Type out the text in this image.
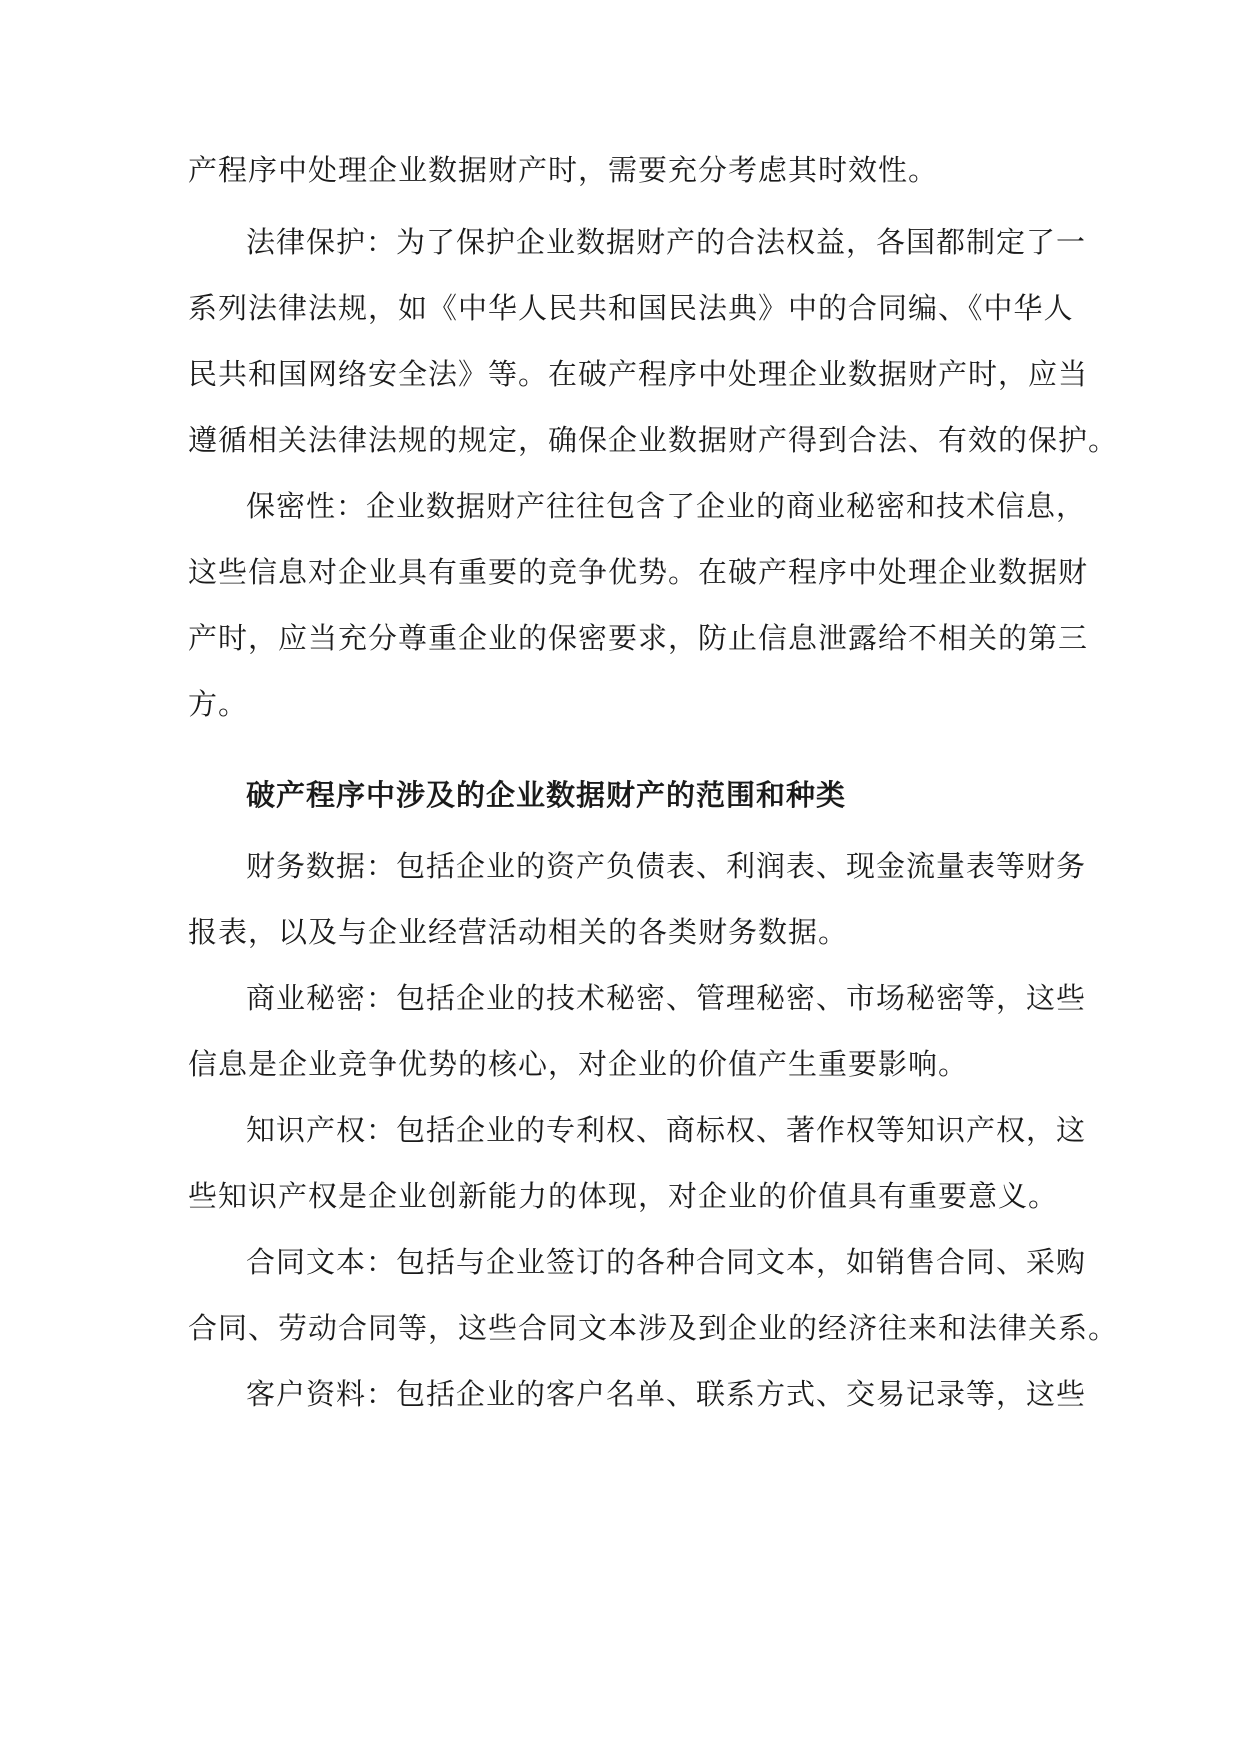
产程序中处理企业数据财产时，需要充分考虑其时效性。
法律保护：为了保护企业数据财产的合法权益，各国都制定了一
系列法律法规，如《中华人民共和国民法典》中的合同编、《中华人
民共和国网络安全法》等。在破产程序中处理企业数据财产时，应当
遵循相关法律法规的规定，确保企业数据财产得到合法、有效的保护。
保密性：企业数据财产往往包含了企业的商业秘密和技术信息，
这些信息对企业具有重要的竞争优势。在破产程序中处理企业数据财
产时，应当充分尊重企业的保密要求，防止信息泄露给不相关的第三
方。
破产程序中涉及的企业数据财产的范围和种类
财务数据：包括企业的资产负债表、利润表、现金流量表等财务
报表，以及与企业经营活动相关的各类财务数据。
商业秘密：包括企业的技术秘密、管理秘密、市场秘密等，这些
信息是企业竞争优势的核心，对企业的价值产生重要影响。
知识产权：包括企业的专利权、商标权、著作权等知识产权，这
些知识产权是企业创新能力的体现，对企业的价值具有重要意义。
合同文本：包括与企业签订的各种合同文本，如销售合同、采购
合同、劳动合同等，这些合同文本涉及到企业的经济往来和法律关系。
客户资料：包括企业的客户名单、联系方式、交易记录等，这些
